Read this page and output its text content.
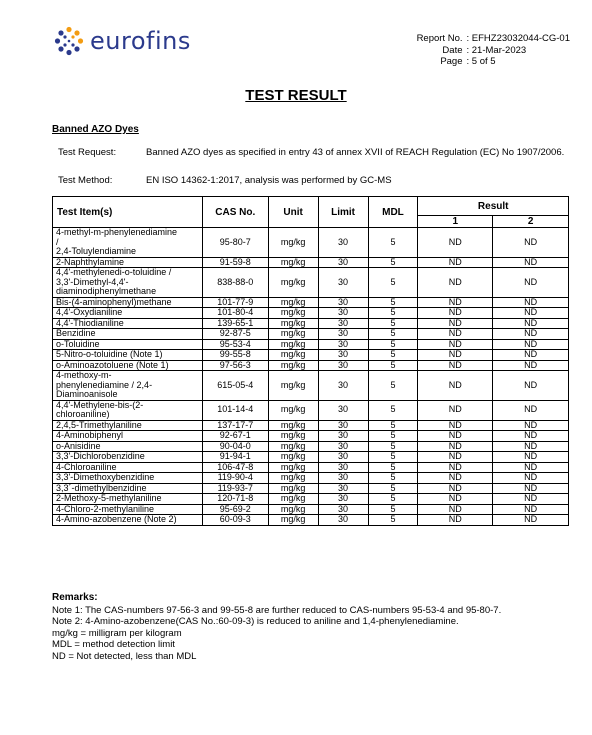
eurofins	Report No.	: EFHZ23032044-CG-01
Date	: 21-Mar-2023
Page	: 5 of 5
TEST RESULT
Banned AZO Dyes
Test Request:	Banned AZO dyes as specified in entry 43 of annex XVII of REACH Regulation (EC) No 1907/2006.
Test Method:	EN ISO 14362-1:2017, analysis was performed by GC-MS
Test Item(s)	CAS No.	Unit	Limit	MDL	Result	
					1	2
4-methyl-m-phenylenediamine
/
2,4-Toluylendiamine	95-80-7	mg/kg	30	5	ND	ND
2-Naphthylamine	91-59-8	mg/kg	30	5	ND	ND
4,4'-methylenedi-o-toluidine /
3,3'-Dimethyl-4,4'-
diaminodiphenylmethane	838-88-0	mg/kg	30	5	ND	ND
Bis-(4-aminophenyl)methane	101-77-9	mg/kg	30	5	ND	ND
4,4'-Oxydianiline	101-80-4	mg/kg	30	5	ND	ND
4,4'-Thiodianiline	139-65-1	mg/kg	30	5	ND	ND
Benzidine	92-87-5	mg/kg	30	5	ND	ND
o-Toluidine	95-53-4	mg/kg	30	5	ND	ND
5-Nitro-o-toluidine (Note 1)	99-55-8	mg/kg	30	5	ND	ND
o-Aminoazotoluene (Note 1)	97-56-3	mg/kg	30	5	ND	ND
4-methoxy-m-
phenylenediamine / 2,4-
Diaminoanisole	615-05-4	mg/kg	30	5	ND	ND
4,4'-Methylene-bis-(2-
chloroaniline)	101-14-4	mg/kg	30	5	ND	ND
2,4,5-Trimethylaniline	137-17-7	mg/kg	30	5	ND	ND
4-Aminobiphenyl	92-67-1	mg/kg	30	5	ND	ND
o-Anisidine	90-04-0	mg/kg	30	5	ND	ND
3,3'-Dichlorobenzidine	91-94-1	mg/kg	30	5	ND	ND
4-Chloroaniline	106-47-8	mg/kg	30	5	ND	ND
3,3'-Dimethoxybenzidine	119-90-4	mg/kg	30	5	ND	ND
3,3´-dimethylbenzidine	119-93-7	mg/kg	30	5	ND	ND
2-Methoxy-5-methylaniline	120-71-8	mg/kg	30	5	ND	ND
4-Chloro-2-methylaniline	95-69-2	mg/kg	30	5	ND	ND
4-Amino-azobenzene (Note 2)	60-09-3	mg/kg	30	5	ND	ND
Remarks:
Note 1: The CAS-numbers 97-56-3 and 99-55-8 are further reduced to CAS-numbers 95-53-4 and 95-80-7.
Note 2: 4-Amino-azobenzene(CAS No.:60-09-3) is reduced to aniline and 1,4-phenylenediamine.
mg/kg = milligram per kilogram
MDL = method detection limit
ND = Not detected, less than MDL
